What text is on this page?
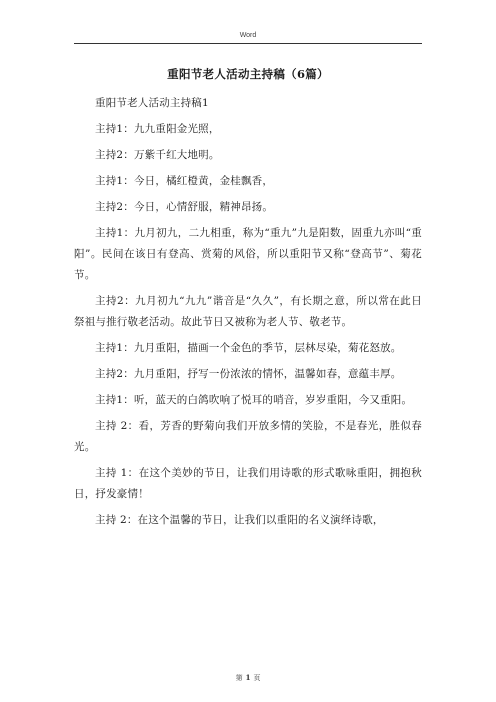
Word
重阳节老人活动主持稿（6篇）

重阳节老人活动主持稿1

主持1：九九重阳金光照，

主持2：万紫千红大地明。

主持1：今日，橘红橙黄，金桂飘香，

主持2：今日，心情舒服，精神昂扬。

主持1：九月初九，二九相重，称为“重九”九是阳数，固重九亦叫“重阳”。民间在该日有登高、赏菊的风俗，所以重阳节又称“登高节”、菊花节。

主持2：九月初九“九九”谐音是“久久”，有长期之意，所以常在此日祭祖与推行敬老活动。故此节日又被称为老人节、敬老节。

主持1：九月重阳，描画一个金色的季节，层林尽染，菊花怒放。

主持2：九月重阳，抒写一份浓浓的情怀，温馨如春，意蕴丰厚。

主持1：听，蓝天的白鸽吹响了悦耳的哨音，岁岁重阳，今又重阳。

主持 2：看，芳香的野菊向我们开放多情的笑脸，不是春光，胜似春光。

主持 1：在这个美妙的节日，让我们用诗歌的形式歌咏重阳，拥抱秋日，抒发豪情！

主持 2：在这个温馨的节日，让我们以重阳的名义演绎诗歌，

第 1 页
